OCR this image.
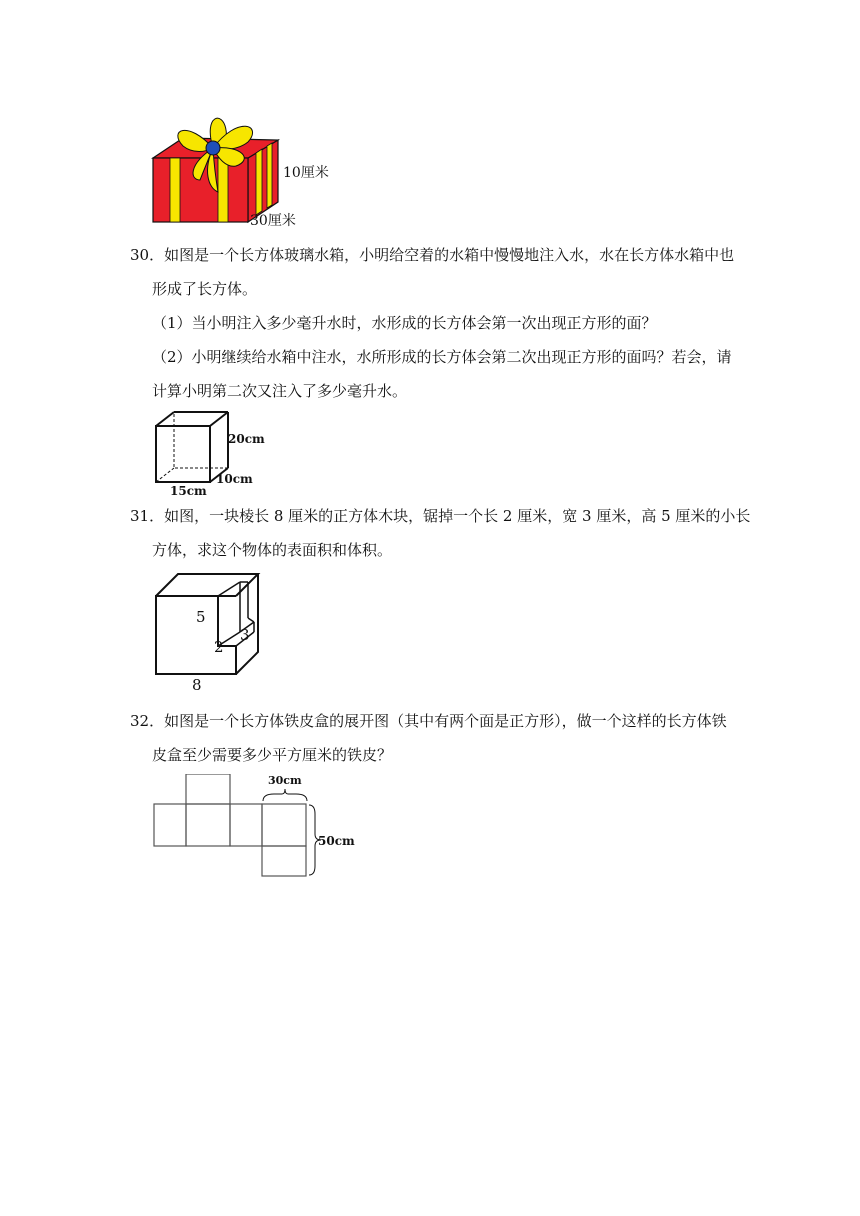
10厘米
30厘米
30．如图是一个长方体玻璃水箱，小明给空着的水箱中慢慢地注入水，水在长方体水箱中也
形成了长方体。
（1）当小明注入多少毫升水时，水形成的长方体会第一次出现正方形的面？
（2）小明继续给水箱中注水，水所形成的长方体会第二次出现正方形的面吗？若会，请
计算小明第二次又注入了多少毫升水。
20cm
10cm
15cm
31．如图，一块棱长 8 厘米的正方体木块，锯掉一个长 2 厘米，宽 3 厘米，高 5 厘米的小长
方体，求这个物体的表面积和体积。
5
3
2
8
32．如图是一个长方体铁皮盒的展开图（其中有两个面是正方形），做一个这样的长方体铁
皮盒至少需要多少平方厘米的铁皮？
30cm
50cm
